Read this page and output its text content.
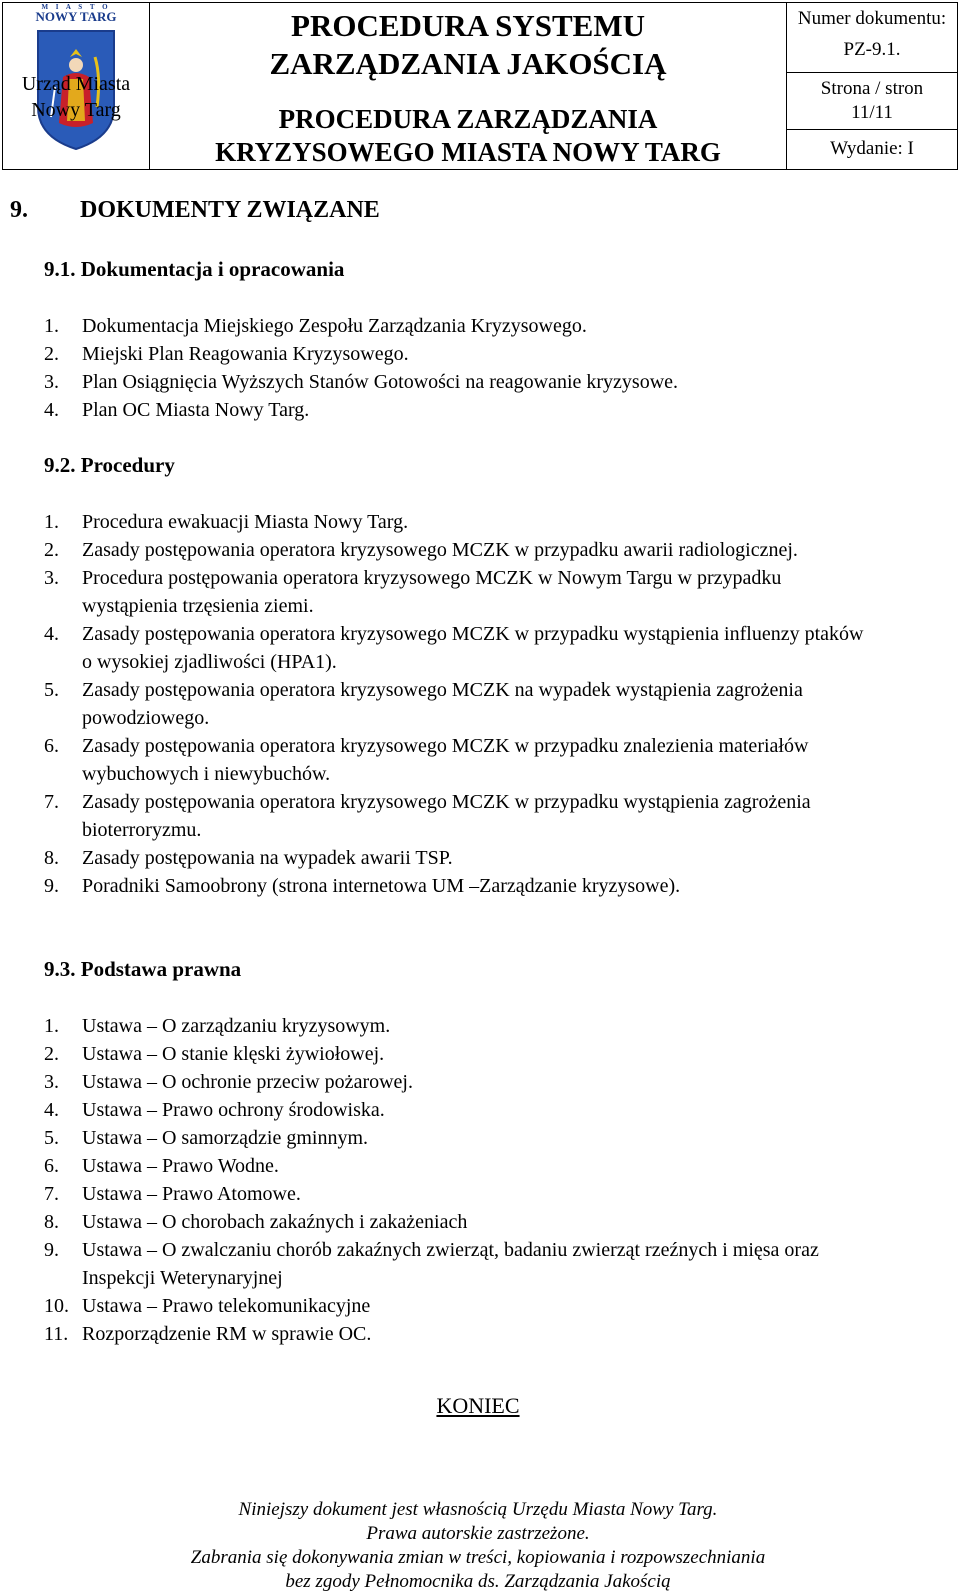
M I A S T O
NOWY TARG
Urząd Miasta
Nowy Targ
PROCEDURA SYSTEMU
ZARZĄDZANIA JAKOŚCIĄ
PROCEDURA ZARZĄDZANIA
KRYZYSOWEGO MIASTA NOWY TARG
Numer dokumentu:
PZ-9.1.
Strona / stron
11/11
Wydanie: I
9. DOKUMENTY ZWIĄZANE
9.1. Dokumentacja i opracowania
1. Dokumentacja Miejskiego Zespołu Zarządzania Kryzysowego.
2. Miejski Plan Reagowania Kryzysowego.
3. Plan Osiągnięcia Wyższych Stanów Gotowości na reagowanie kryzysowe.
4. Plan OC Miasta Nowy Targ.
9.2. Procedury
1. Procedura ewakuacji Miasta Nowy Targ.
2. Zasady postępowania operatora kryzysowego MCZK w przypadku awarii radiologicznej.
3. Procedura postępowania operatora kryzysowego MCZK w Nowym Targu w przypadku wystąpienia trzęsienia ziemi.
4. Zasady postępowania operatora kryzysowego MCZK w przypadku wystąpienia influenzy ptaków o wysokiej zjadliwości (HPA1).
5. Zasady postępowania operatora kryzysowego MCZK na wypadek wystąpienia zagrożenia powodziowego.
6. Zasady postępowania operatora kryzysowego MCZK w przypadku znalezienia materiałów wybuchowych i niewybuchów.
7. Zasady postępowania operatora kryzysowego MCZK w przypadku wystąpienia zagrożenia bioterroryzmu.
8. Zasady postępowania na wypadek awarii TSP.
9. Poradniki Samoobrony (strona internetowa UM –Zarządzanie kryzysowe).
9.3. Podstawa prawna
1. Ustawa – O zarządzaniu kryzysowym.
2. Ustawa – O stanie klęski żywiołowej.
3. Ustawa – O ochronie przeciw pożarowej.
4. Ustawa – Prawo ochrony środowiska.
5. Ustawa – O samorządzie gminnym.
6. Ustawa – Prawo Wodne.
7. Ustawa – Prawo Atomowe.
8. Ustawa – O chorobach zakaźnych i zakażeniach
9. Ustawa – O zwalczaniu chorób zakaźnych zwierząt, badaniu zwierząt rzeźnych i mięsa oraz Inspekcji Weterynaryjnej
10. Ustawa – Prawo telekomunikacyjne
11. Rozporządzenie RM w sprawie OC.
KONIEC
Niniejszy dokument jest własnością Urzędu Miasta Nowy Targ.
Prawa autorskie zastrzeżone.
Zabrania się dokonywania zmian w treści, kopiowania i rozpowszechniania
bez zgody Pełnomocnika ds. Zarządzania Jakością
